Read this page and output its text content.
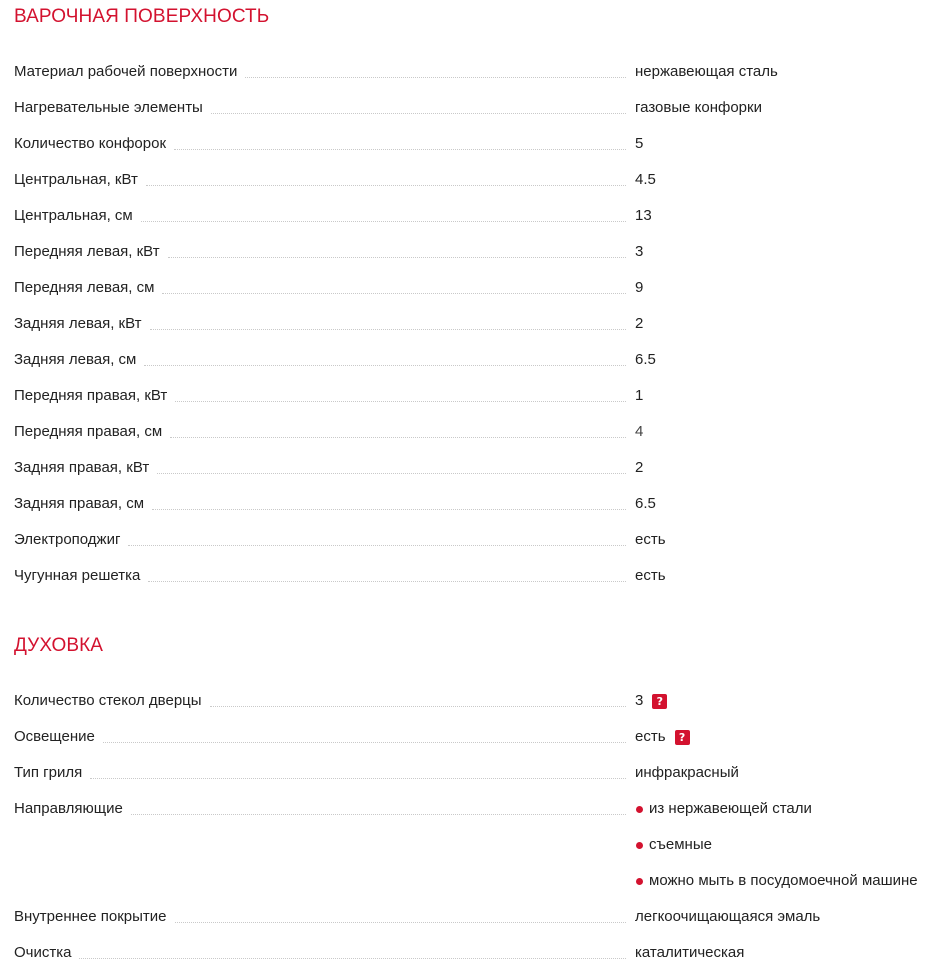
ВАРОЧНАЯ ПОВЕРХНОСТЬ
Материал рабочей поверхности	нержавеющая сталь
Нагревательные элементы	газовые конфорки
Количество конфорок	5
Центральная, кВт	4.5
Центральная, см	13
Передняя левая, кВт	3
Передняя левая, см	9
Задняя левая, кВт	2
Задняя левая, см	6.5
Передняя правая, кВт	1
Передняя правая, см	4
Задняя правая, кВт	2
Задняя правая, см	6.5
Электроподжиг	есть
Чугунная решетка	есть
ДУХОВКА
Количество стекол дверцы	3	?
Освещение	есть	?
Тип гриля	инфракрасный
Направляющие	из нержавеющей стали
съемные
можно мыть в посудомоечной машине
Внутреннее покрытие	легкоочищающаяся эмаль
Очистка	каталитическая
